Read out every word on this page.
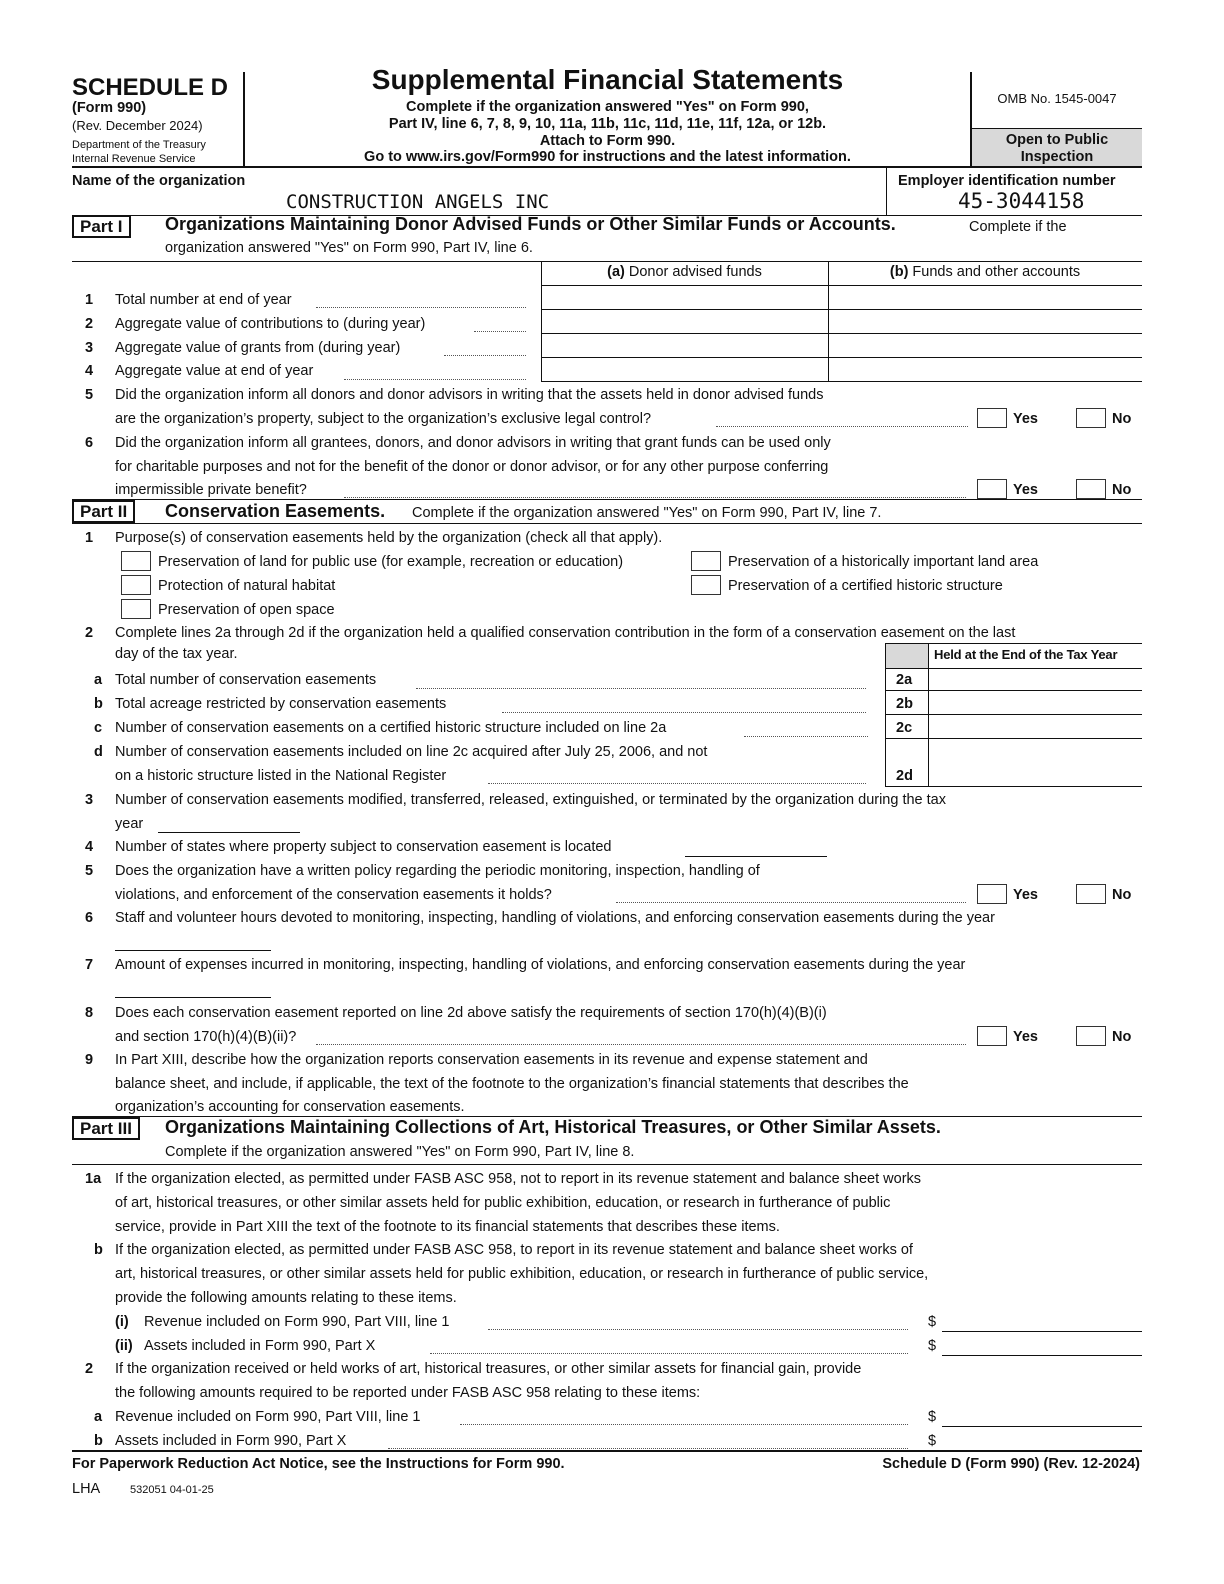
SCHEDULE D
(Form 990)
(Rev. December 2024)
Department of the Treasury
Internal Revenue Service
Supplemental Financial Statements
Complete if the organization answered "Yes" on Form 990,
Part IV, line 6, 7, 8, 9, 10, 11a, 11b, 11c, 11d, 11e, 11f, 12a, or 12b.
Attach to Form 990.
Go to www.irs.gov/Form990 for instructions and the latest information.
OMB No. 1545-0047
Open to Public
Inspection
Name of the organization
CONSTRUCTION ANGELS INC
Employer identification number
45-3044158
Part I	Organizations Maintaining Donor Advised Funds or Other Similar Funds or Accounts.	Complete if the
organization answered "Yes" on Form 990, Part IV, line 6.
(a) Donor advised funds	(b) Funds and other accounts
1 Total number at end of year
2 Aggregate value of contributions to (during year)
3 Aggregate value of grants from (during year)
4 Aggregate value at end of year
5 Did the organization inform all donors and donor advisors in writing that the assets held in donor advised funds
are the organization’s property, subject to the organization’s exclusive legal control?	Yes	No
6 Did the organization inform all grantees, donors, and donor advisors in writing that grant funds can be used only
for charitable purposes and not for the benefit of the donor or donor advisor, or for any other purpose conferring
impermissible private benefit?	Yes	No
Part II	Conservation Easements. Complete if the organization answered "Yes" on Form 990, Part IV, line 7.
1 Purpose(s) of conservation easements held by the organization (check all that apply).
Preservation of land for public use (for example, recreation or education)
Protection of natural habitat
Preservation of open space
Preservation of a historically important land area
Preservation of a certified historic structure
2 Complete lines 2a through 2d if the organization held a qualified conservation contribution in the form of a conservation easement on the last
day of the tax year.	Held at the End of the Tax Year
a Total number of conservation easements	2a
b Total acreage restricted by conservation easements	2b
c Number of conservation easements on a certified historic structure included on line 2a	2c
d Number of conservation easements included on line 2c acquired after July 25, 2006, and not
on a historic structure listed in the National Register	2d
3 Number of conservation easements modified, transferred, released, extinguished, or terminated by the organization during the tax
year
4 Number of states where property subject to conservation easement is located
5 Does the organization have a written policy regarding the periodic monitoring, inspection, handling of
violations, and enforcement of the conservation easements it holds?	Yes	No
6 Staff and volunteer hours devoted to monitoring, inspecting, handling of violations, and enforcing conservation easements during the year
7 Amount of expenses incurred in monitoring, inspecting, handling of violations, and enforcing conservation easements during the year
8 Does each conservation easement reported on line 2d above satisfy the requirements of section 170(h)(4)(B)(i)
and section 170(h)(4)(B)(ii)?	Yes	No
9 In Part XIII, describe how the organization reports conservation easements in its revenue and expense statement and
balance sheet, and include, if applicable, the text of the footnote to the organization’s financial statements that describes the
organization’s accounting for conservation easements.
Part III	Organizations Maintaining Collections of Art, Historical Treasures, or Other Similar Assets.
Complete if the organization answered "Yes" on Form 990, Part IV, line 8.
1a If the organization elected, as permitted under FASB ASC 958, not to report in its revenue statement and balance sheet works
of art, historical treasures, or other similar assets held for public exhibition, education, or research in furtherance of public
service, provide in Part XIII the text of the footnote to its financial statements that describes these items.
b If the organization elected, as permitted under FASB ASC 958, to report in its revenue statement and balance sheet works of
art, historical treasures, or other similar assets held for public exhibition, education, or research in furtherance of public service,
provide the following amounts relating to these items.
(i) Revenue included on Form 990, Part VIII, line 1	$
(ii) Assets included in Form 990, Part X	$
2 If the organization received or held works of art, historical treasures, or other similar assets for financial gain, provide
the following amounts required to be reported under FASB ASC 958 relating to these items:
a Revenue included on Form 990, Part VIII, line 1	$
b Assets included in Form 990, Part X	$
For Paperwork Reduction Act Notice, see the Instructions for Form 990.	Schedule D (Form 990) (Rev. 12-2024)
LHA	532051 04-01-25
